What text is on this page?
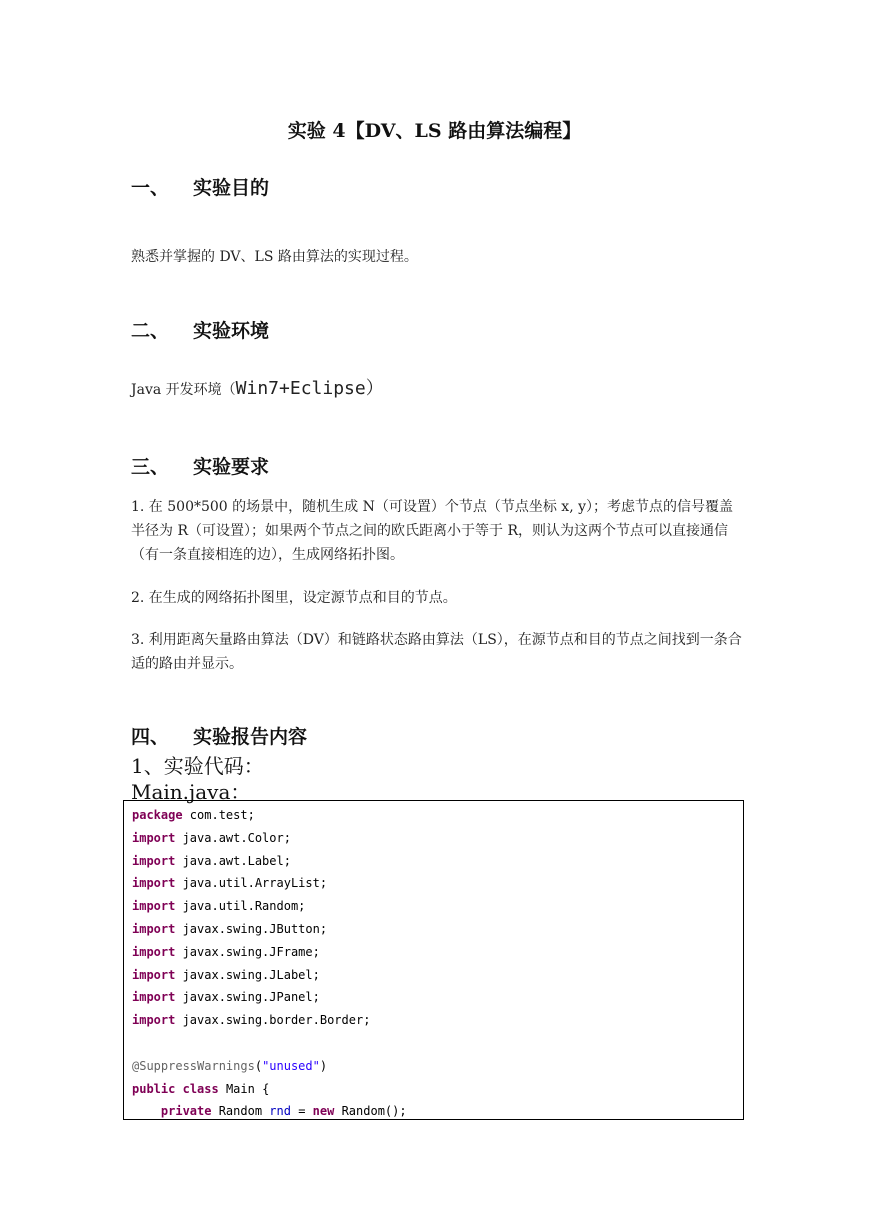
实验 4【DV、LS 路由算法编程】
一、 实验目的
熟悉并掌握的 DV、LS 路由算法的实现过程。
二、 实验环境
Java 开发环境（Win7+Eclipse）
三、 实验要求
1. 在 500*500 的场景中，随机生成 N（可设置）个节点（节点坐标 x, y）；考虑节点的信号覆盖半径为 R（可设置）；如果两个节点之间的欧氏距离小于等于 R，则认为这两个节点可以直接通信（有一条直接相连的边），生成网络拓扑图。
2. 在生成的网络拓扑图里，设定源节点和目的节点。
3. 利用距离矢量路由算法（DV）和链路状态路由算法（LS），在源节点和目的节点之间找到一条合适的路由并显示。
四、 实验报告内容
1、实验代码：
Main.java：
package com.test;
import java.awt.Color;
import java.awt.Label;
import java.util.ArrayList;
import java.util.Random;
import javax.swing.JButton;
import javax.swing.JFrame;
import javax.swing.JLabel;
import javax.swing.JPanel;
import javax.swing.border.Border;

@SuppressWarnings("unused")
public class Main {
private Random rnd = new Random();
